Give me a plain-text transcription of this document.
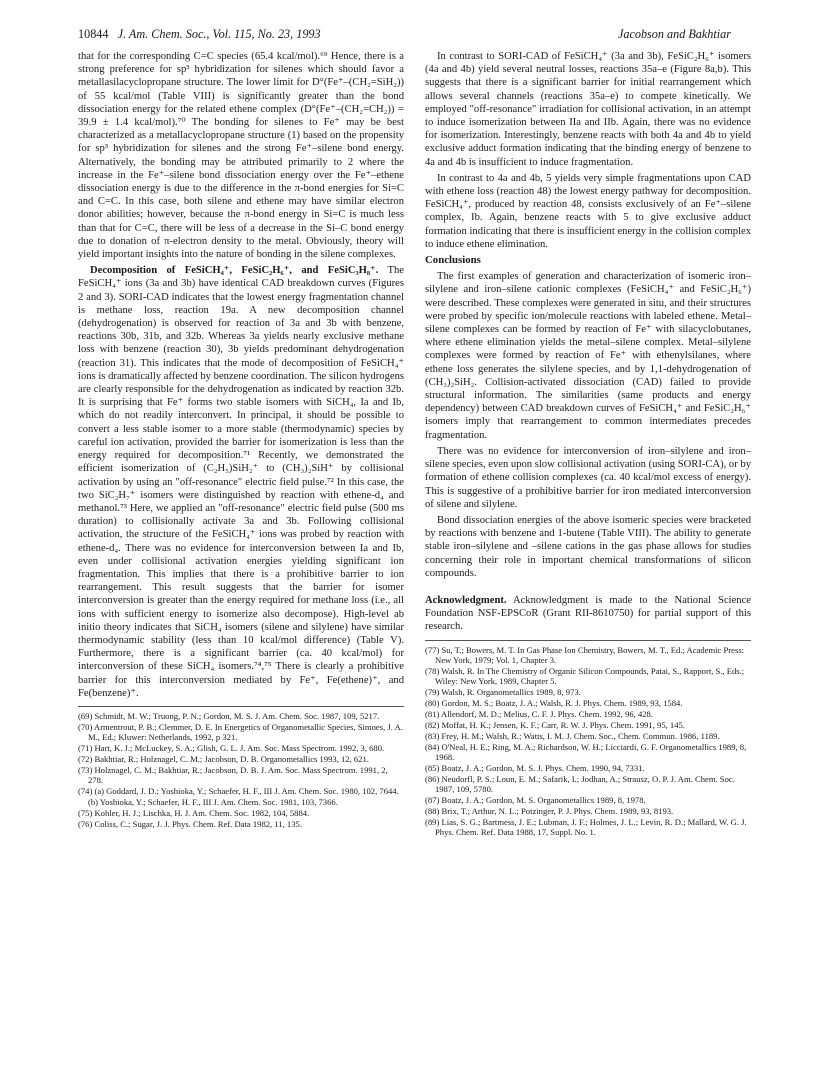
10844 J. Am. Chem. Soc., Vol. 115, No. 23, 1993	Jacobson and Bakhtiar

that for the corresponding C=C species (65.4 kcal/mol).⁶⁹ Hence, there is a strong preference for sp³ hybridization for silenes which should favor a metallasilacyclopropane structure. The lower limit for D°(Fe⁺–(CH₂=SiH₂)) of 55 kcal/mol (Table VIII) is significantly greater than the bond dissociation energy for the related ethene complex (D°(Fe⁺–(CH₂=CH₂)) = 39.9 ± 1.4 kcal/mol).⁷⁰ The bonding for silenes to Fe⁺ may be best characterized as a metallacyclopropane structure (1) based on the propensity for sp³ hybridization for silenes and the strong Fe⁺–silene bond energy. Alternatively, the bonding may be attributed primarily to 2 where the increase in the Fe⁺–silene bond dissociation energy over the Fe⁺–ethene dissociation energy is due to the difference in the π-bond energies for Si=C and C=C. In this case, both silene and ethene may have similar electron donor abilities; however, because the π-bond energy in Si=C is much less than that for C=C, there will be less of a decrease in the Si–C bond energy due to donation of π-electron density to the metal. Obviously, theory will yield important insights into the nature of bonding in the silene complexes.

Decomposition of FeSiCH₄⁺, FeSiC₂H₆⁺, and FeSiC₃H₈⁺. The FeSiCH₄⁺ ions (3a and 3b) have identical CAD breakdown curves (Figures 2 and 3). SORI-CAD indicates that the lowest energy fragmentation channel is methane loss, reaction 19a. A new decomposition channel (dehydrogenation) is observed for reaction of 3a and 3b with benzene, reactions 30b, 31b, and 32b. Whereas 3a yields nearly exclusive methane loss with benzene (reaction 30), 3b yields predominant dehydrogenation (reaction 31). This indicates that the mode of decomposition of FeSiCH₄⁺ ions is dramatically affected by benzene coordination. The silicon hydrogens are clearly responsible for the dehydrogenation as indicated by reaction 32b. It is surprising that Fe⁺ forms two stable isomers with SiCH₄, Ia and Ib, which do not readily interconvert. In principal, it should be possible to convert a less stable isomer to a more stable (thermodynamic) species by careful ion activation, provided the barrier for isomerization is less than the energy required for decomposition.⁷¹ Recently, we demonstrated the efficient isomerization of (C₂H₅)SiH₂⁺ to (CH₃)₂SiH⁺ by collisional activation by using an "off-resonance" electric field pulse.⁷² In this case, the two SiC₂H₇⁺ isomers were distinguished by reaction with ethene-d₄ and methanol.⁷³ Here, we applied an "off-resonance" electric field pulse (500 ms duration) to collisionally activate 3a and 3b. Following collisional activation, the structure of the FeSiCH₄⁺ ions was probed by reaction with ethene-d₄. There was no evidence for interconversion between Ia and Ib, even under collisional activation energies yielding significant ion fragmentation. This implies that there is a prohibitive barrier to ion rearrangement. This result suggests that the barrier for isomer interconversion is greater than the energy required for methane loss (i.e., all ions with sufficient energy to isomerize also decompose). High-level ab initio theory indicates that SiCH₄ isomers (silene and silylene) have similar thermodynamic stability (less than 10 kcal/mol difference) (Table V). Furthermore, there is a significant barrier (ca. 40 kcal/mol) for interconversion of these SiCH₄ isomers.⁷⁴,⁷⁵ There is clearly a prohibitive barrier for this interconversion mediated by Fe⁺, Fe(ethene)⁺, and Fe(benzene)⁺.

(69) Schmidt, M. W.; Truong, P. N.; Gordon, M. S. J. Am. Chem. Soc. 1987, 109, 5217.
(70) Armentrout, P. B.; Clemmer, D. E. In Energetics of Organometallic Species, Simoes, J. A. M., Ed.; Kluwer: Netherlands, 1992, p 321.
(71) Hart, K. J.; McLuckey, S. A.; Glish, G. L. J. Am. Soc. Mass Spectrom. 1992, 3, 680.
(72) Bakhtiar, R.; Holznagel, C. M.; Jacobson, D. B. Organometallics 1993, 12, 621.
(73) Holznagel, C. M.; Bakhtiar, R.; Jacobson, D. B. J. Am. Soc. Mass Spectrom. 1991, 2, 278.
(74) (a) Goddard, J. D.; Yoshioka, Y.; Schaefer, H. F., III J. Am. Chem. Soc. 1980, 102, 7644. (b) Yoshioka, Y.; Schaefer, H. F., III J. Am. Chem. Soc. 1981, 103, 7366.
(75) Kohler, H. J.; Lischka, H. J. Am. Chem. Soc. 1982, 104, 5884.
(76) Coliss, C.; Sugar, J. J. Phys. Chem. Ref. Data 1982, 11, 135.

In contrast to SORI-CAD of FeSiCH₄⁺ (3a and 3b), FeSiC₂H₆⁺ isomers (4a and 4b) yield several neutral losses, reactions 35a–e (Figure 8a,b). This suggests that there is a significant barrier for initial rearrangement which allows several channels (reactions 35a–e) to compete kinetically. We employed "off-resonance" irradiation for collisional activation, in an attempt to induce isomerization between IIa and IIb. Again, there was no evidence for isomerization. Interestingly, benzene reacts with both 4a and 4b to yield exclusive adduct formation indicating that the binding energy of benzene to 4a and 4b is insufficient to induce fragmentation.

In contrast to 4a and 4b, 5 yields very simple fragmentations upon CAD with ethene loss (reaction 48) the lowest energy pathway for decomposition. FeSiCH₄⁺, produced by reaction 48, consists exclusively of an Fe⁺–silene complex, Ib. Again, benzene reacts with 5 to give exclusive adduct formation indicating that there is insufficient energy in the collision complex to induce ethene elimination.

Conclusions

The first examples of generation and characterization of isomeric iron–silylene and iron–silene cationic complexes (FeSiCH₄⁺ and FeSiC₂H₆⁺) were described. These complexes were generated in situ, and their structures were probed by specific ion/molecule reactions with labeled ethene. Metal–silene complexes can be formed by reaction of Fe⁺ with silacyclobutanes, where ethene elimination yields the metal–silene complex. Metal–silylene complexes were formed by reaction of Fe⁺ with ethenylsilanes, where ethene loss generates the silylene species, and by 1,1-dehydrogenation of (CH₃)₂SiH₂. Collision-activated dissociation (CAD) failed to provide structural information. The similarities (same products and energy dependency) between CAD breakdown curves of FeSiCH₄⁺ and FeSiC₂H₆⁺ isomers imply that rearrangement to common intermediates precedes fragmentation.

There was no evidence for interconversion of iron–silylene and iron–silene species, even upon slow collisional activation (using SORI-CA), or by formation of ethene collision complexes (ca. 40 kcal/mol excess of energy). This is suggestive of a prohibitive barrier for iron mediated interconversion of silene and silylene.

Bond dissociation energies of the above isomeric species were bracketed by reactions with benzene and 1-butene (Table VIII). The ability to generate stable iron–silylene and –silene cations in the gas phase allows for studies concerning their role in important chemical transformations of silicon compounds.

Acknowledgment. Acknowledgment is made to the National Science Foundation NSF-EPSCoR (Grant RII-8610750) for partial support of this research.

(77) Su, T.; Bowers, M. T. In Gas Phase Ion Chemistry, Bowers, M. T., Ed.; Academic Press: New York, 1979; Vol. 1, Chapter 3.
(78) Walsh, R. In The Chemistry of Organic Silicon Compounds, Patai, S., Rapport, S., Eds.; Wiley: New York, 1989, Chapter 5.
(79) Walsh, R. Organometallics 1989, 8, 973.
(80) Gordon, M. S.; Boatz, J. A.; Walsh, R. J. Phys. Chem. 1989, 93, 1584.
(81) Allendorf, M. D.; Melius, C. F. J. Phys. Chem. 1992, 96, 428.
(82) Moffat, H. K.; Jensen, K. F.; Carr, R. W. J. Phys. Chem. 1991, 95, 145.
(83) Frey, H. M.; Walsh, R.; Watts, I. M. J. Chem. Soc., Chem. Commun. 1986, 1189.
(84) O'Neal, H. E.; Ring, M. A.; Richardson, W. H.; Licciardi, G. F. Organometallics 1989, 8, 1968.
(85) Boatz, J. A.; Gordon, M. S. J. Phys. Chem. 1990, 94, 7331.
(86) Neudorfl, P. S.; Loun, E. M.; Safarik, I.; Jodhan, A.; Strausz, O. P. J. Am. Chem. Soc. 1987, 109, 5780.
(87) Boatz, J. A.; Gordon, M. S. Organometallics 1989, 8, 1978.
(88) Brix, T.; Arthur, N. L.; Potzinger, P. J. Phys. Chem. 1989, 93, 8193.
(89) Lias, S. G.; Bartmess, J. E.; Lubman, J. F.; Holmes, J. L.; Levin, R. D.; Mallard, W. G. J. Phys. Chem. Ref. Data 1988, 17, Suppl. No. 1.
